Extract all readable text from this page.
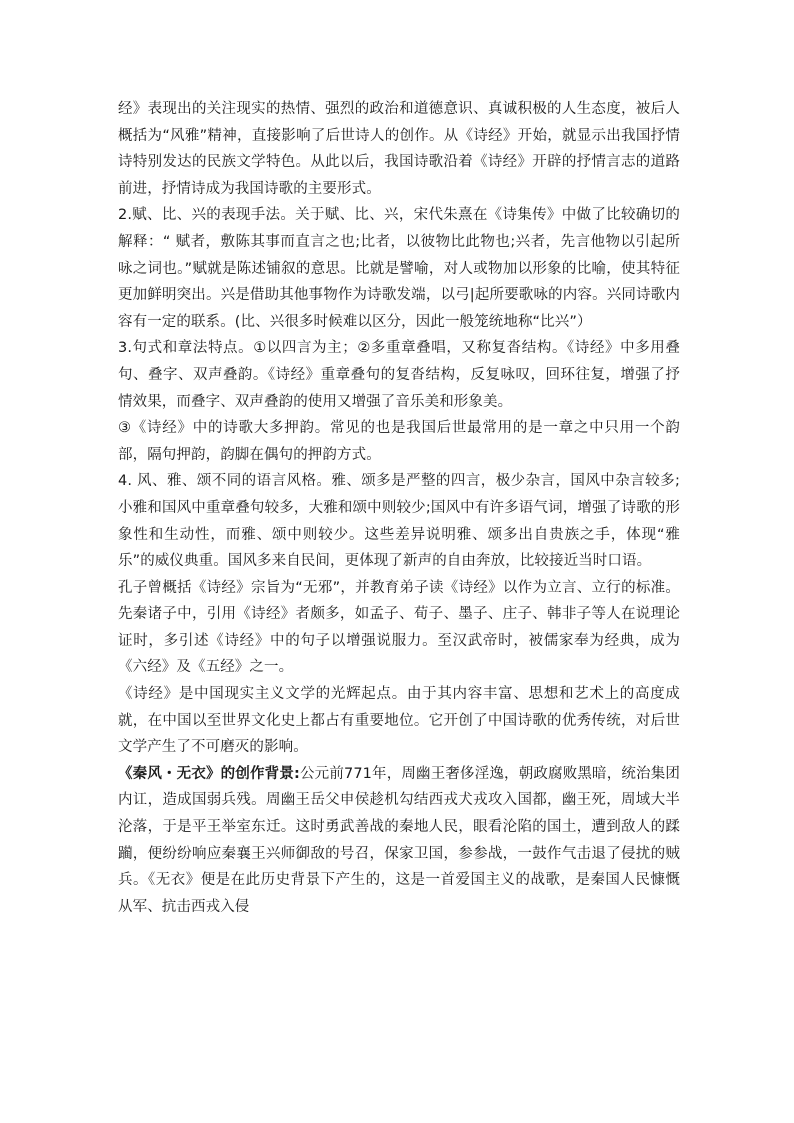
经》表现出的关注现实的热情、强烈的政治和道德意识、真诚积极的人生态度，被后人概括为“风雅”精神，直接影响了后世诗人的创作。从《诗经》开始，就显示出我国抒情诗特别发达的民族文学特色。从此以后，我国诗歌沿着《诗经》开辟的抒情言志的道路前进，抒情诗成为我国诗歌的主要形式。

2.赋、比、兴的表现手法。关于赋、比、兴，宋代朱熹在《诗集传》中做了比较确切的解释：“ 赋者，敷陈其事而直言之也;比者，以彼物比此物也;兴者，先言他物以引起所咏之词也。”赋就是陈述铺叙的意思。比就是譬喻，对人或物加以形象的比喻，使其特征更加鲜明突出。兴是借助其他事物作为诗歌发端，以弓|起所要歌咏的内容。兴同诗歌内容有一定的联系。(比、兴很多时候难以区分，因此一般笼统地称“比兴”）

3.句式和章法特点。①以四言为主；②多重章叠唱，又称复沓结构。《诗经》中多用叠句、叠字、双声叠韵。《诗经》重章叠句的复沓结构，反复咏叹，回环往复，增强了抒情效果，而叠字、双声叠韵的使用又增强了音乐美和形象美。

③《诗经》中的诗歌大多押韵。常见的也是我国后世最常用的是一章之中只用一个韵部，隔句押韵，韵脚在偶句的押韵方式。

4. 风、雅、颂不同的语言风格。雅、颂多是严整的四言，极少杂言，国风中杂言较多;小雅和国风中重章叠句较多，大雅和颂中则较少;国风中有许多语气词，增强了诗歌的形象性和生动性，而雅、颂中则较少。这些差异说明雅、颂多出自贵族之手，体现“雅乐”的威仪典重。国风多来自民间，更体现了新声的自由奔放，比较接近当时口语。

孔子曾概括《诗经》宗旨为“无邪”，并教育弟子读《诗经》以作为立言、立行的标准。先秦诸子中，引用《诗经》者颇多，如孟子、荀子、墨子、庄子、韩非子等人在说理论证时，多引述《诗经》中的句子以增强说服力。至汉武帝时，被儒家奉为经典，成为《六经》及《五经》之一。

《诗经》是中国现实主义文学的光辉起点。由于其内容丰富、思想和艺术上的高度成就，在中国以至世界文化史上都占有重要地位。它开创了中国诗歌的优秀传统，对后世文学产生了不可磨灭的影响。

《秦风・无衣》的创作背景:公元前771年，周幽王奢侈淫逸，朝政腐败黑暗，统治集团内讧，造成国弱兵残。周幽王岳父申侯趁机勾结西戎犬戎攻入国都，幽王死，周域大半沦落，于是平王举室东迁。这时勇武善战的秦地人民，眼看沦陷的国土，遭到敌人的蹂躏，便纷纷响应秦襄王兴师御敌的号召，保家卫国，参参战，一鼓作气击退了侵扰的贼兵。《无衣》便是在此历史背景下产生的，这是一首爱国主义的战歌，是秦国人民慷慨从军、抗击西戎入侵
